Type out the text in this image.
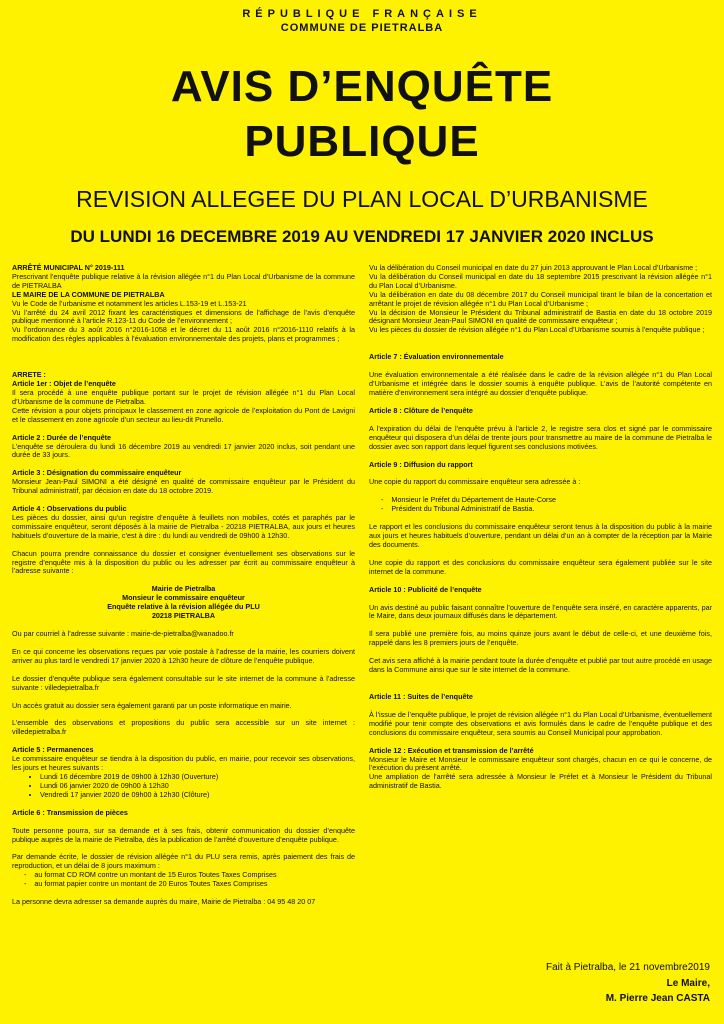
RÉPUBLIQUE FRANÇAISE
COMMUNE DE PIETRALBA
AVIS D’ENQUÊTE
PUBLIQUE
REVISION ALLEGEE DU PLAN LOCAL D’URBANISME
DU LUNDI 16 DECEMBRE 2019 AU VENDREDI 17 JANVIER 2020 INCLUS

ARRÊTÉ MUNICIPAL N° 2019-111

Prescrivant l’enquête publique relative à la révision allégée n°1 du Plan Local d’Urbanisme de la commune de PIETRALBA

LE MAIRE DE LA COMMUNE DE PIETRALBA

Vu le Code de l’urbanisme et notamment les articles L.153-19 et L.153-21

Vu l’arrêté du 24 avril 2012 fixant les caractéristiques et dimensions de l’affichage de l’avis d’enquête publique mentionné à l’article R.123-11 du Code de l’environnement ;

Vu l’ordonnance du 3 août 2016 n°2016-1058 et le décret du 11 août 2016 n°2016-1110 relatifs à la modification des règles applicables à l’évaluation environnementale des projets, plans et programmes ;

ARRETE :

Article 1er : Objet de l’enquête

Il sera procédé à une enquête publique portant sur le projet de révision allégée n°1 du Plan Local d’Urbanisme de la commune de Pietralba.

Cette révision a pour objets principaux le classement en zone agricole de l’exploitation du Pont de Lavigni et le classement en zone agricole d’un secteur au lieu-dit Prunello.

Article 2 : Durée de l’enquête

L’enquête se déroulera du lundi 16 décembre 2019 au vendredi 17 janvier 2020 inclus, soit pendant une durée de 33 jours.

Article 3 : Désignation du commissaire enquêteur

Monsieur Jean-Paul SIMONI a été désigné en qualité de commissaire enquêteur par le Président du Tribunal administratif, par décision en date du 18 octobre 2019.

Article 4 : Observations du public

Les pièces du dossier, ainsi qu’un registre d’enquête à feuillets non mobiles, cotés et paraphés par le commissaire enquêteur, seront déposés à la mairie de Pietralba - 20218 PIETRALBA, aux jours et heures habituels d’ouverture de la mairie, c’est à dire : du lundi au vendredi de 09h00 à 12h30.

Chacun pourra prendre connaissance du dossier et consigner éventuellement ses observations sur le registre d’enquête mis à la disposition du public ou les adresser par écrit au commissaire enquêteur à l’adresse suivante :

Mairie de Pietralba

Monsieur le commissaire enquêteur

Enquête relative à la révision allégée du PLU

20218 PIETRALBA

Ou par courriel à l’adresse suivante : mairie-de-pietralba@wanadoo.fr

En ce qui concerne les observations reçues par voie postale à l’adresse de la mairie, les courriers doivent arriver au plus tard le vendredi 17 janvier 2020 à 12h30 heure de clôture de l’enquête publique.

Le dossier d’enquête publique sera également consultable sur le site internet de la commune à l’adresse suivante : villedepietralba.fr

Un accès gratuit au dossier sera également garanti par un poste informatique en mairie.

L’ensemble des observations et propositions du public sera accessible sur un site internet : villedepietralba.fr

Article 5 : Permanences

Le commissaire enquêteur se tiendra à la disposition du public, en mairie, pour recevoir ses observations, les jours et heures suivants :

• Lundi 16 décembre 2019 de 09h00 à 12h30 (Ouverture)
• Lundi 06 janvier 2020 de 09h00 à 12h30
• Vendredi 17 janvier 2020 de 09h00 à 12h30 (Clôture)

Article 6 : Transmission de pièces

Toute personne pourra, sur sa demande et à ses frais, obtenir communication du dossier d’enquête publique auprès de la mairie de Pietralba, dès la publication de l’arrêté d’ouverture d’enquête publique.

Par demande écrite, le dossier de révision allégée n°1 du PLU sera remis, après paiement des frais de reproduction, et un délai de 8 jours maximum :

-    au format CD ROM contre un montant de 15 Euros Toutes Taxes Comprises
-    au format papier contre un montant de 20 Euros Toutes Taxes Comprises

La personne devra adresser sa demande auprès du maire, Mairie de Pietralba : 04 95 48 20 07

Vu la délibération du Conseil municipal en date du 27 juin 2013 approuvant le Plan Local d’Urbanisme ;

Vu la délibération du Conseil municipal en date du 18 septembre 2015 prescrivant la révision allégée n°1 du Plan Local d’Urbanisme.

Vu la délibération en date du 08 décembre 2017 du Conseil municipal tirant le bilan de la concertation et arrêtant le projet de révision allégée n°1 du Plan Local d’Urbanisme ;

Vu la décision de Monsieur le Président du Tribunal administratif de Bastia en date du 18 octobre 2019 désignant Monsieur Jean-Paul SIMONI en qualité de commissaire enquêteur ;

Vu les pièces du dossier de révision allégée n°1 du Plan Local d’Urbanisme soumis à l’enquête publique ;

Article 7 : Évaluation environnementale

Une évaluation environnementale a été réalisée dans le cadre de la révision allégée n°1 du Plan Local d’Urbanisme et intégrée dans le dossier soumis à enquête publique. L’avis de l’autorité compétente en matière d’environnement sera intégré au dossier d’enquête publique.

Article 8 : Clôture de l’enquête

A l’expiration du délai de l’enquête prévu à l’article 2, le registre sera clos et signé par le commissaire enquêteur qui disposera d’un délai de trente jours pour transmettre au maire de la commune de Pietralba le dossier avec son rapport dans lequel figurent ses conclusions motivées.

Article 9 : Diffusion du rapport

Une copie du rapport du commissaire enquêteur sera adressée à :

-    Monsieur le Préfet du Département de Haute-Corse
-    Président du Tribunal Administratif de Bastia.

Le rapport et les conclusions du commissaire enquêteur seront tenus à la disposition du public à la mairie aux jours et heures habituels d’ouverture, pendant un délai d’un an à compter de la réception par la Mairie des documents.

Une copie du rapport et des conclusions du commissaire enquêteur sera également publiée sur le site internet de la commune.

Article 10 : Publicité de l’enquête

Un avis destiné au public faisant connaître l’ouverture de l’enquête sera inséré, en caractère apparents, par le Maire, dans deux journaux diffusés dans le département.

Il sera publié une première fois, au moins quinze jours avant le début de celle-ci, et une deuxième fois, rappelé dans les 8 premiers jours de l’enquête.

Cet avis sera affiché à la mairie pendant toute la durée d’enquête et publié par tout autre procédé en usage dans la Commune ainsi que sur le site internet de la commune.

Article 11 : Suites de l’enquête

À l’issue de l’enquête publique, le projet de révision allégée n°1 du Plan Local d’Urbanisme, éventuellement modifié pour tenir compte des observations et avis formulés dans le cadre de l’enquête publique et des conclusions du commissaire enquêteur, sera soumis au Conseil Municipal pour approbation.

Article 12 : Exécution et transmission de l’arrêté

Monsieur le Maire et Monsieur le commissaire enquêteur sont chargés, chacun en ce qui le concerne, de l’exécution du présent arrêté.

Une ampliation de l’arrêté sera adressée à Monsieur le Préfet et à Monsieur le Président du Tribunal administratif de Bastia.

Fait à Pietralba, le 21 novembre2019
Le Maire,
M. Pierre Jean CASTA
